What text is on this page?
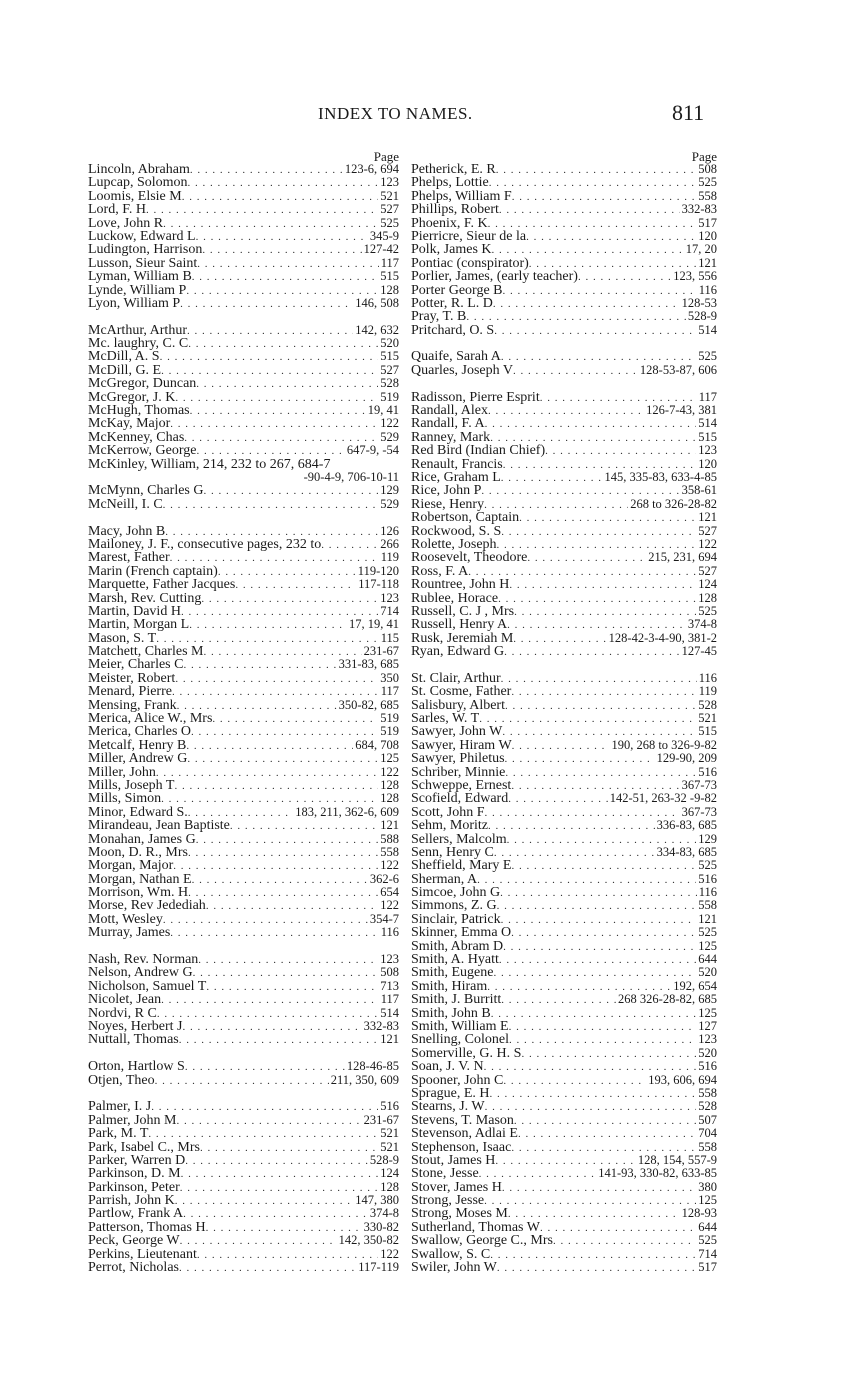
INDEX TO NAMES.	811
Page
Lincoln, Abraham . . .	123-6, 694
Lupcap, Solomon . . .	123
Loomis, Elsie M . . .	521
Lord, F. H . . .	527
Love, John R . . .	525
Luckow, Edward L . . .	345-9
Ludington, Harrison . . .	127-42
Lusson, Sieur Saint . . .	117
Lyman, William B . . .	515
Lynde, William P . . .	128
Lyon, William P . . .	146, 508
McArthur, Arthur . . .	142, 632
Mc. laughry, C. C . . .	520
McDill, A. S . . .	515
McDill, G. E . . .	527
McGregor, Duncan . . .	528
McGregor, J. K . . .	519
McHugh, Thomas . . .	19, 41
McKay, Major . . .	122
McKenney, Chas . . .	529
McKerrow, George . . .	647-9, -54
McKinley, William, 214, 232 to 267, 684-7
-90-4-9, 706-10-11
McMynn, Charles G . . .	129
McNeill, I. C . . .	529
Macy, John B . . .	126
Mailoney, J. F., consecutive pages, 232 to . . .	266
Marest, Father . . .	119
Marin (French captain) . . .	119-120
Marquette, Father Jacques . . .	117-118
Marsh, Rev. Cutting . . .	123
Martin, David H . . .	714
Martin, Morgan L . . .	17, 19, 41
Mason, S. T . . .	115
Matchett, Charles M . . .	231-67
Meier, Charles C . . .	331-83, 685
Meister, Robert . . .	350
Menard, Pierre . . .	117
Mensing, Frank . . .	350-82, 685
Merica, Alice W., Mrs . . .	519
Merica, Charles O . . .	519
Metcalf, Henry B . . .	684, 708
Miller, Andrew G . . .	125
Miller, John . . .	122
Mills, Joseph T . . .	128
Mills, Simon . . .	128
Minor, Edward S. . . .	183, 211, 362-6, 609
Mirandeau, Jean Baptiste . . .	121
Monahan, James G . . .	588
Moon, D. R., Mrs . . .	558
Morgan, Major . . .	122
Morgan, Nathan E . . .	362-6
Morrison, Wm. H . . .	654
Morse, Rev Jedediah . . .	122
Mott, Wesley . . .	354-7
Murray, James . . .	116
Nash, Rev. Norman . . .	123
Nelson, Andrew G . . .	508
Nicholson, Samuel T . . .	713
Nicolet, Jean . . .	117
Nordvi, R C . . .	514
Noyes, Herbert J . . .	332-83
Nuttall, Thomas . . .	121
Orton, Hartlow S . . .	128-46-85
Otjen, Theo . . .	211, 350, 609
Palmer, I. J . . .	516
Palmer, John M . . .	231-67
Park, M. T . . .	521
Park, Isabel C., Mrs . . .	521
Parker, Warren D . . .	528-9
Parkinson, D. M . . .	124
Parkinson, Peter . . .	128
Parrish, John K . . .	147, 380
Partlow, Frank A . . .	374-8
Patterson, Thomas H . . .	330-82
Peck, George W . . .	142, 350-82
Perkins, Lieutenant . . .	122
Perrot, Nicholas . . .	117-119
Page
Petherick, E. R . . .	508
Phelps, Lottie . . .	525
Phelps, William F . . .	558
Phillips, Robert . . .	332-83
Phoenix, F. K . . .	517
Pierricre, Sieur de la . . .	120
Polk, James K . . .	17, 20
Pontiac (conspirator) . . .	121
Porlier, James, (early teacher) . . .	123, 556
Porter George B . . .	116
Potter, R. L. D . . .	128-53
Pray, T. B . . .	528-9
Pritchard, O. S . . .	514
Quaife, Sarah A . . .	525
Quarles, Joseph V . . .	128-53-87, 606
Radisson, Pierre Esprit . . .	117
Randall, Alex . . .	126-7-43, 381
Randall, F. A . . .	514
Ranney, Mark . . .	515
Red Bird (Indian Chief) . . .	123
Renault, Francis . . .	120
Rice, Graham L . . .	145, 335-83, 633-4-85
Rice, John P . . .	358-61
Riese, Henry . . .	268 to 326-28-82
Robertson, Captain . . .	121
Rockwood, S. S . . .	527
Rolette, Joseph . . .	122
Roosevelt, Theodore . . .	215, 231, 694
Ross, F. A . . .	527
Rountree, John H . . .	124
Rublee, Horace . . .	128
Russell, C. J , Mrs . . .	525
Russell, Henry A . . .	374-8
Rusk, Jeremiah M . . .	128-42-3-4-90, 381-2
Ryan, Edward G . . .	127-45
St. Clair, Arthur . . .	116
St. Cosme, Father . . .	119
Salisbury, Albert . . .	528
Sarles, W. T . . .	521
Sawyer, John W . . .	515
Sawyer, Hiram W . . .	190, 268 to 326-9-82
Sawyer, Philetus . . .	129-90, 209
Schriber, Minnie . . .	516
Schweppe, Ernest . . .	367-73
Scofield, Edward . . .	142-51, 263-32 -9-82
Scott, John F . . .	367-73
Sehm, Moritz . . .	336-83, 685
Sellers, Malcolm . . .	129
Senn, Henry C . . .	334-83, 685
Sheffield, Mary E . . .	525
Sherman, A . . .	516
Simcoe, John G . . .	116
Simmons, Z. G . . .	558
Sinclair, Patrick . . .	121
Skinner, Emma O . . .	525
Smith, Abram D . . .	125
Smith, A. Hyatt . . .	644
Smith, Eugene . . .	520
Smith, Hiram . . .	192, 654
Smith, J. Burritt . . .	268 326-28-82, 685
Smith, John B . . .	125
Smith, William E . . .	127
Snelling, Colonel . . .	123
Somerville, G. H. S . . .	520
Soan, J. V. N . . .	516
Spooner, John C . . .	193, 606, 694
Sprague, E. H . . .	558
Stearns, J. W . . .	528
Stevens, T. Mason . . .	507
Stevenson, Adlai E . . .	704
Stephenson, Isaac . . .	558
Stout, James H . . .	128, 154, 557-9
Stone, Jesse . . .	141-93, 330-82, 633-85
Stover, James H . . .	380
Strong, Jesse . . .	125
Strong, Moses M . . .	128-93
Sutherland, Thomas W . . .	644
Swallow, George C., Mrs . . .	525
Swallow, S. C . . .	714
Swiler, John W . . .	517
